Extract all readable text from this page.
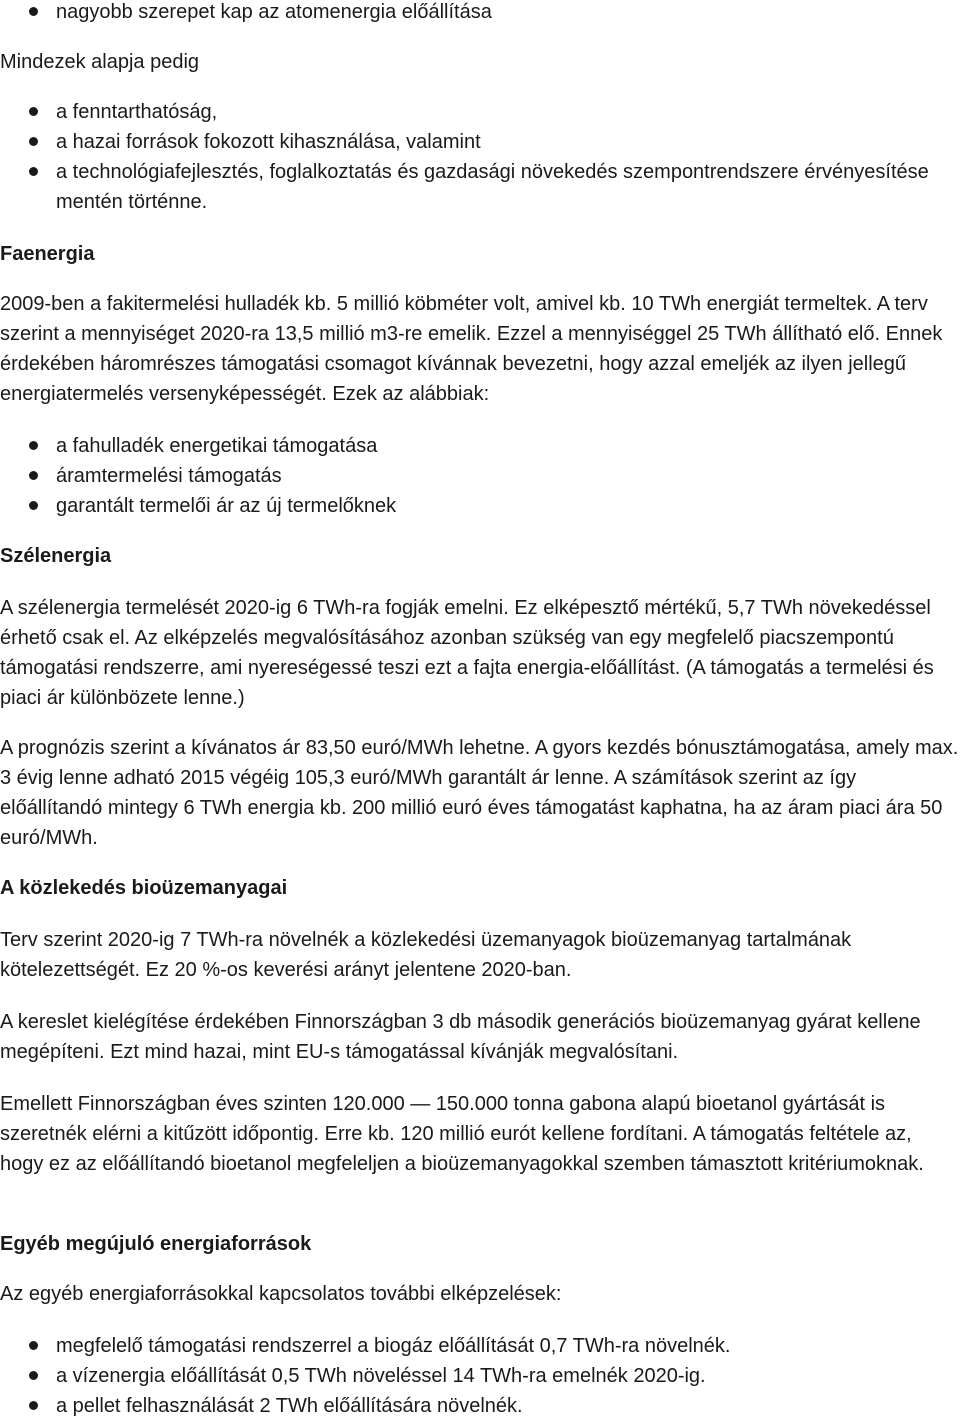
nagyobb szerepet kap az atomenergia előállítása

Mindezek alapja pedig

a fenntarthatóság,
a hazai források fokozott kihasználása, valamint
a technológiafejlesztés, foglalkoztatás és gazdasági növekedés szempontrendszere érvényesítése mentén történne.

Faenergia

2009-ben a fakitermelési hulladék kb. 5 millió köbméter volt, amivel kb. 10 TWh energiát termeltek. A terv szerint a mennyiséget 2020-ra 13,5 millió m3-re emelik. Ezzel a mennyiséggel 25 TWh állítható elő. Ennek érdekében háromrészes támogatási csomagot kívánnak bevezetni, hogy azzal emeljék az ilyen jellegű energiatermelés versenyképességét. Ezek az alábbiak:

a fahulladék energetikai támogatása
áramtermelési támogatás
garantált termelői ár az új termelőknek

Szélenergia

A szélenergia termelését 2020-ig 6 TWh-ra fogják emelni. Ez elképesztő mértékű, 5,7 TWh növekedéssel érhető csak el. Az elképzelés megvalósításához azonban szükség van egy megfelelő piacszempontú támogatási rendszerre, ami nyereségessé teszi ezt a fajta energia-előállítást. (A támogatás a termelési és piaci ár különbözete lenne.)

A prognózis szerint a kívánatos ár 83,50 euró/MWh lehetne. A gyors kezdés bónusztámogatása, amely max. 3 évig lenne adható 2015 végéig 105,3 euró/MWh garantált ár lenne. A számítások szerint az így előállítandó mintegy 6 TWh energia kb. 200 millió euró éves támogatást kaphatna, ha az áram piaci ára 50 euró/MWh.

A közlekedés bioüzemanyagai

Terv szerint 2020-ig 7 TWh-ra növelnék a közlekedési üzemanyagok bioüzemanyag tartalmának kötelezettségét. Ez 20 %-os keverési arányt jelentene 2020-ban.

A kereslet kielégítése érdekében Finnországban 3 db második generációs bioüzemanyag gyárat kellene megépíteni. Ezt mind hazai, mint EU-s támogatással kívánják megvalósítani.

Emellett Finnországban éves szinten 120.000 — 150.000 tonna gabona alapú bioetanol gyártását is szeretnék elérni a kitűzött időpontig. Erre kb. 120 millió eurót kellene fordítani. A támogatás feltétele az, hogy ez az előállítandó bioetanol megfeleljen a bioüzemanyagokkal szemben támasztott kritériumoknak.

Egyéb megújuló energiaforrások

Az egyéb energiaforrásokkal kapcsolatos további elképzelések:

megfelelő támogatási rendszerrel a biogáz előállítását 0,7 TWh-ra növelnék.
a vízenergia előállítását 0,5 TWh növeléssel 14 TWh-ra emelnék 2020-ig.
a pellet felhasználását 2 TWh előállítására növelnék.
